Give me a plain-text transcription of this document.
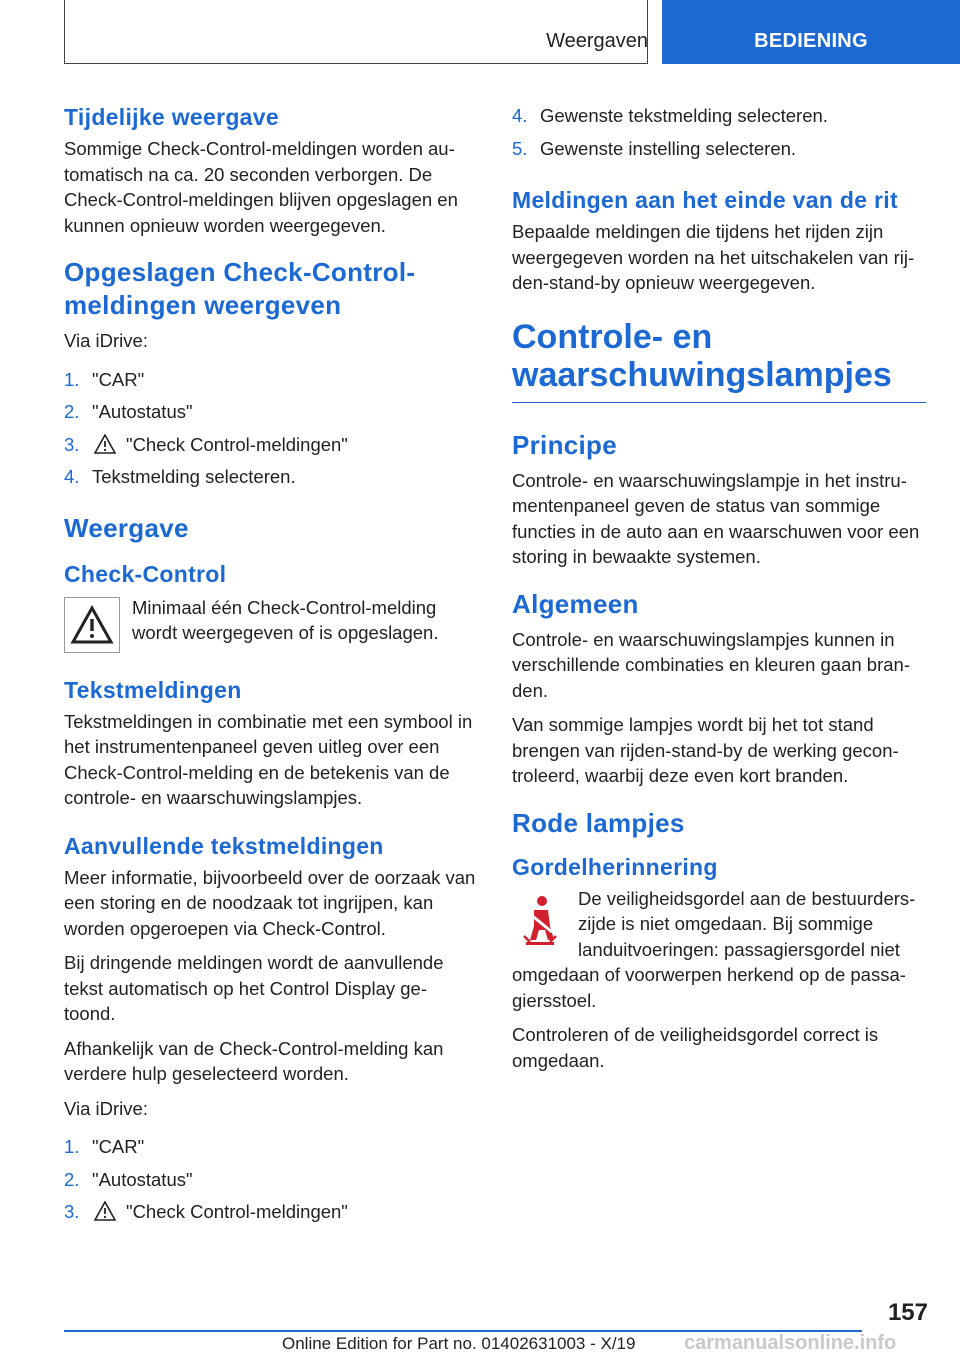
Weergaven	BEDIENING
Tijdelijke weergave

Sommige Check-Control-meldingen worden au-tomatisch na ca. 20 seconden verborgen. De Check-Control-meldingen blijven opgeslagen en kunnen opnieuw worden weergegeven.

Opgeslagen Check-Control-meldingen weergeven

Via iDrive:

1. "CAR"
2. "Autostatus"
3.	"Check Control-meldingen"
4. Tekstmelding selecteren.
Weergave
Check-Control

Minimaal één Check-Control-melding wordt weergegeven of is opgeslagen.

Tekstmeldingen

Tekstmeldingen in combinatie met een symbool in het instrumentenpaneel geven uitleg over een Check-Control-melding en de betekenis van de controle- en waarschuwingslampjes.

Aanvullende tekstmeldingen

Meer informatie, bijvoorbeeld over de oorzaak van een storing en de noodzaak tot ingrijpen, kan worden opgeroepen via Check-Control.

Bij dringende meldingen wordt de aanvullende tekst automatisch op het Control Display ge-toond.

Afhankelijk van de Check-Control-melding kan verdere hulp geselecteerd worden.

Via iDrive:

1. "CAR"
2. "Autostatus"
3.	"Check Control-meldingen"
4. Gewenste tekstmelding selecteren.
5. Gewenste instelling selecteren.
Meldingen aan het einde van de rit

Bepaalde meldingen die tijdens het rijden zijn weergegeven worden na het uitschakelen van rij-den-stand-by opnieuw weergegeven.

Controle- en waarschuwingslampjes
Principe

Controle- en waarschuwingslampje in het instru-mentenpaneel geven de status van sommige functies in de auto aan en waarschuwen voor een storing in bewaakte systemen.

Algemeen

Controle- en waarschuwingslampjes kunnen in verschillende combinaties en kleuren gaan bran-den.

Van sommige lampjes wordt bij het tot stand brengen van rijden-stand-by de werking gecon-troleerd, waarbij deze even kort branden.

Rode lampjes
Gordelherinnering

De veiligheidsgordel aan de bestuurders-

zijde is niet omgedaan. Bij sommige

landuitvoeringen: passagiersgordel niet

omgedaan of voorwerpen herkend op de passa-giersstoel.

Controleren of de veiligheidsgordel correct is omgedaan.

157
Online Edition for Part no. 01402631003 - X/19 carmanualsonline.info
